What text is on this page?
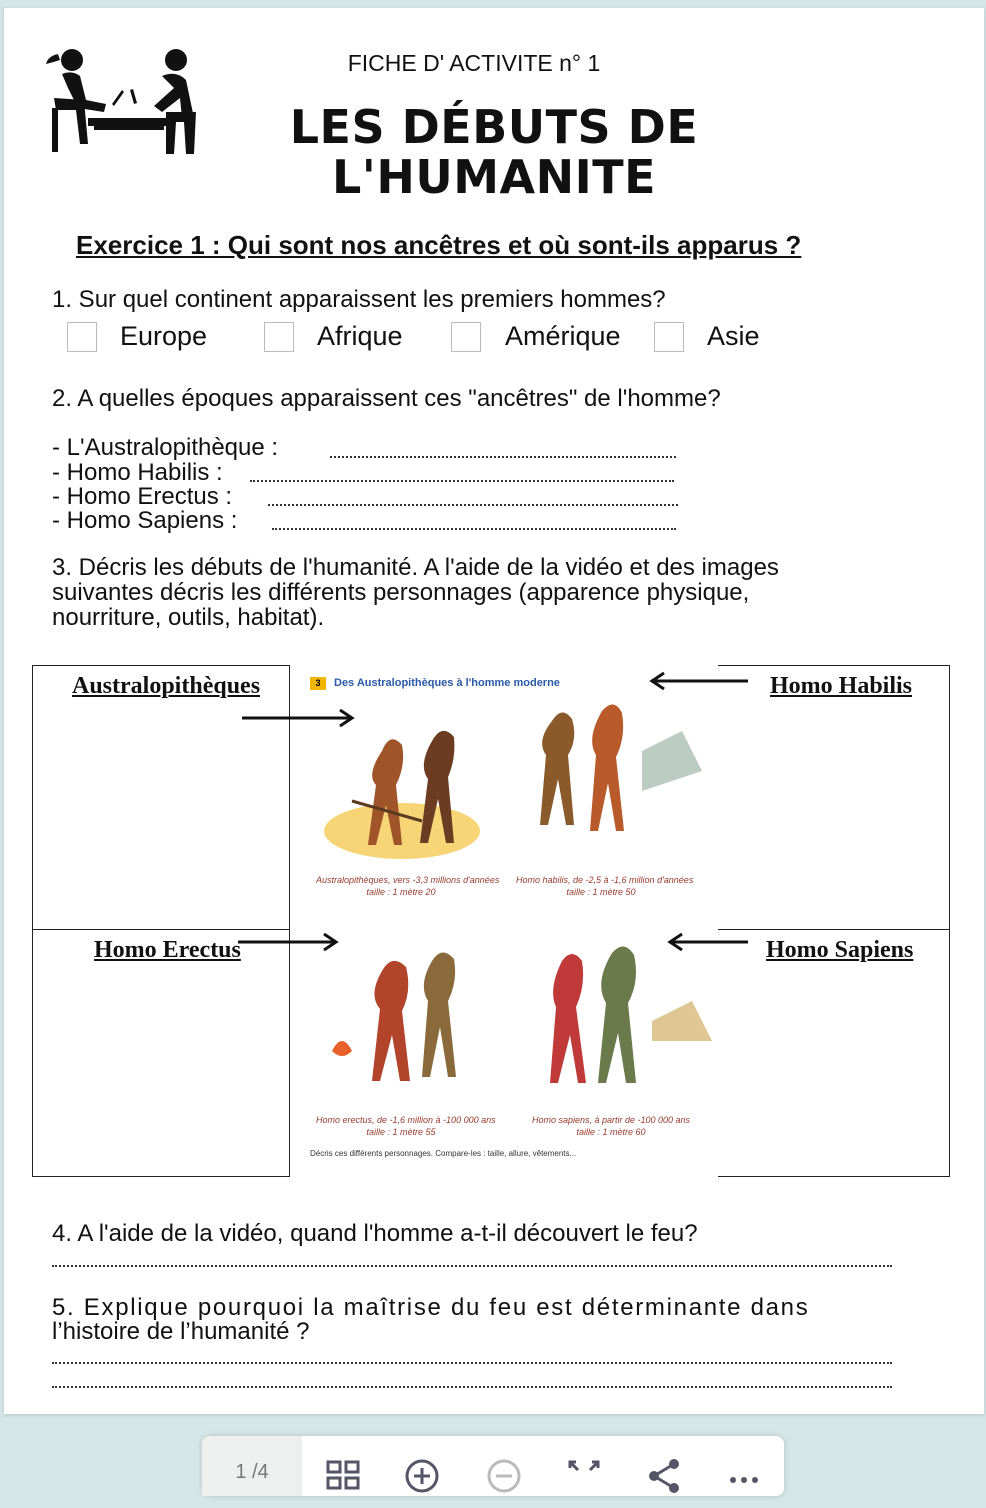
FICHE D' ACTIVITE n° 1
LES DÉBUTS DE
L'HUMANITE
Exercice 1 : Qui sont nos ancêtres et où sont-ils apparus ?
1. Sur quel continent apparaissent les premiers hommes?
Europe	Afrique	Amérique	Asie
2. A quelles époques apparaissent ces "ancêtres" de l'homme?
- L'Australopithèque :
- Homo Habilis :
- Homo Erectus :
- Homo Sapiens :
3. Décris les débuts de l'humanité. A l'aide de la vidéo et des images
suivantes décris les différents personnages (apparence physique,
nourriture, outils, habitat).
3	Des Australopithèques à l'homme moderne
Australopithèques, vers -3,3 millions d'années
taille : 1 mètre 20
Homo habilis, de -2,5 à -1,6 million d'années
taille : 1 mètre 50
Homo erectus, de -1,6 million à -100 000 ans
taille : 1 mètre 55
Homo sapiens, à partir de -100 000 ans
taille : 1 mètre 60
Décris ces différents personnages. Compare-les : taille, allure, vêtements...
Australopithèques	Homo Habilis
Homo Erectus	Homo Sapiens
4. A l'aide de la vidéo, quand l'homme a-t-il découvert le feu?
5. Explique pourquoi la maîtrise du feu est déterminante dans
l’histoire de l’humanité ?
1 /4
